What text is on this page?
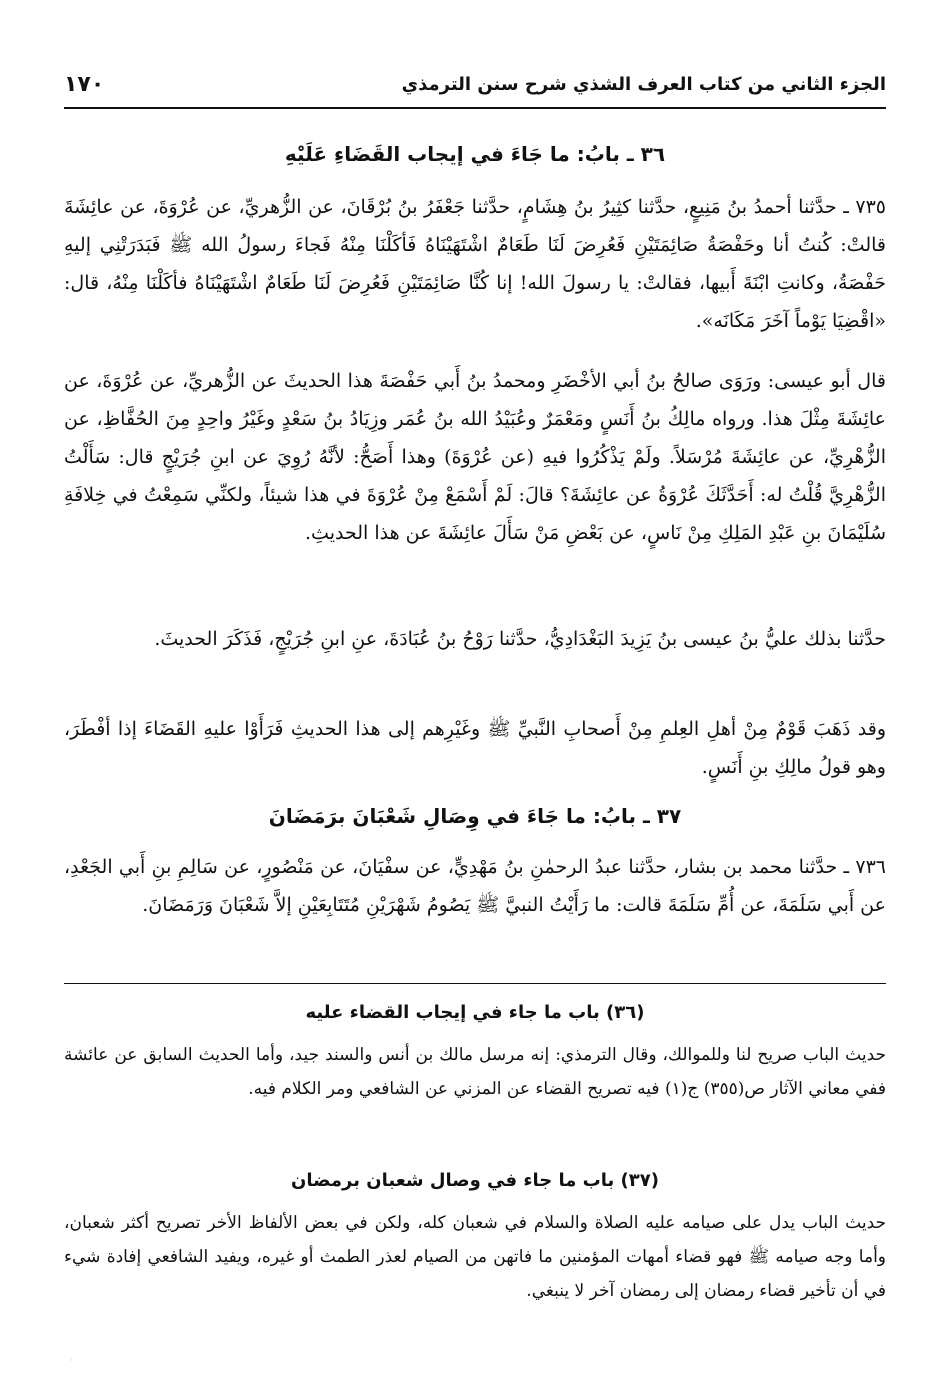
١٧٠	الجزء الثاني من كتاب العرف الشذي شرح سنن الترمذي
٣٦ ـ بابُ: ما جَاءَ في إيجاب القَضَاءِ عَلَيْهِ
٧٣٥ ـ حدَّثنا أحمدُ بنُ مَنِيعٍ، حدَّثنا كثِيرُ بنُ هِشَامٍ، حدَّثنا جَعْفَرُ بنُ بُرْقَانَ، عن الزُّهريِّ، عن عُرْوَةَ، عن عائِشَةَ قالتْ: كُنتُ أنا وحَفْصَةُ صَائِمَتَيْنِ فَعُرِضَ لَنَا طَعَامٌ اشْتَهَيْنَاهُ فَأكَلْنَا مِنْهُ فَجاءَ رسولُ الله ﷺ فَبَدَرَتْنِي إليهِ حَفْصَةُ، وكانتِ ابْنَةَ أَبيها، فقالتْ: يا رسولَ الله! إنا كُنَّا صَائِمَتَيْنِ فَعُرِضَ لَنَا طَعَامٌ اشْتَهَيْنَاهُ فأكَلْنَا مِنْهُ، قال: «اقْضِيَا يَوْماً آخَرَ مَكَانَه».
قال أبو عيسى: ورَوَى صالحُ بنُ أبي الأخْضَرِ ومحمدُ بنُ أَبي حَفْصَةَ هذا الحديثَ عن الزُّهريِّ، عن عُرْوَةَ، عن عائِشَةَ مِثْلَ هذا. ورواه مالِكُ بنُ أَنَسٍ ومَعْمَرٌ وعُبَيْدُ الله بنُ عُمَر وزِيَادُ بنُ سَعْدٍ وغَيْرُ واحِدٍ مِنَ الحُفَّاظِ، عن الزُّهْرِيِّ، عن عائِشَةَ مُرْسَلاً. ولَمْ يَذْكُرُوا فيهِ (عن عُرْوَةَ) وهذا أَصَحُّ: لأنَّهُ رُوِيَ عن ابنِ جُرَيْجٍ قال: سَأَلْتُ الزُّهْرِيَّ قُلْتُ له: أَحَدَّثَكَ عُرْوَةُ عن عائِشَةَ؟ قالَ: لَمْ أَسْمَعْ مِنْ عُرْوَةَ في هذا شيئاً، ولكنِّي سَمِعْتُ في خِلافَةِ سُلَيْمَانَ بنِ عَبْدِ المَلِكِ مِنْ نَاسٍ، عن بَعْضِ مَنْ سَأَلَ عائِشَةَ عن هذا الحديثِ.
حدَّثنا بذلك عليُّ بنُ عيسى بنُ يَزِيدَ البَغْدَادِيُّ، حدَّثنا رَوْحُ بنُ عُبَادَةَ، عنِ ابنِ جُرَيْجٍ، فَذَكَرَ الحديثَ.
وقد ذَهَبَ قَوْمٌ مِنْ أهلِ العِلمِ مِنْ أَصحابِ النَّبيِّ ﷺ وغَيْرِهم إلى هذا الحديثِ فَرَأَوْا عليهِ القَضَاءَ إذا أفْطَرَ، وهو قولُ مالِكِ بنِ أَنَسٍ.
٣٧ ـ بابُ: ما جَاءَ في وِصَالِ شَعْبَانَ برَمَضَانَ
٧٣٦ ـ حدَّثنا محمد بن بشار، حدَّثنا عبدُ الرحمٰنِ بنُ مَهْدِيٍّ، عن سفْيَانَ، عن مَنْصُورٍ، عن سَالِمِ بنِ أَبي الجَعْدِ، عن أَبي سَلَمَةَ، عن أُمِّ سَلَمَةَ قالت: ما رَأَيْتُ النبيَّ ﷺ يَصُومُ شَهْرَيْنِ مُتَتَابِعَيْنِ إلاَّ شَعْبَانَ وَرَمَضَانَ.
(٣٦) باب ما جاء في إيجاب القضاء عليه
حديث الباب صريح لنا وللموالك، وقال الترمذي: إنه مرسل مالك بن أنس والسند جيد، وأما الحديث السابق عن عائشة ففي معاني الآثار ص(٣٥٥) ج(١) فيه تصريح القضاء عن المزني عن الشافعي ومر الكلام فيه.
(٣٧) باب ما جاء في وصال شعبان برمضان
حديث الباب يدل على صيامه عليه الصلاة والسلام في شعبان كله، ولكن في بعض الألفاظ الأخر تصريح أكثر شعبان، وأما وجه صيامه ﷺ فهو قضاء أمهات المؤمنين ما فاتهن من الصيام لعذر الطمث أو غيره، ويفيد الشافعي إفادة شيء في أن تأخير قضاء رمضان إلى رمضان آخر لا ينبغي.
·
